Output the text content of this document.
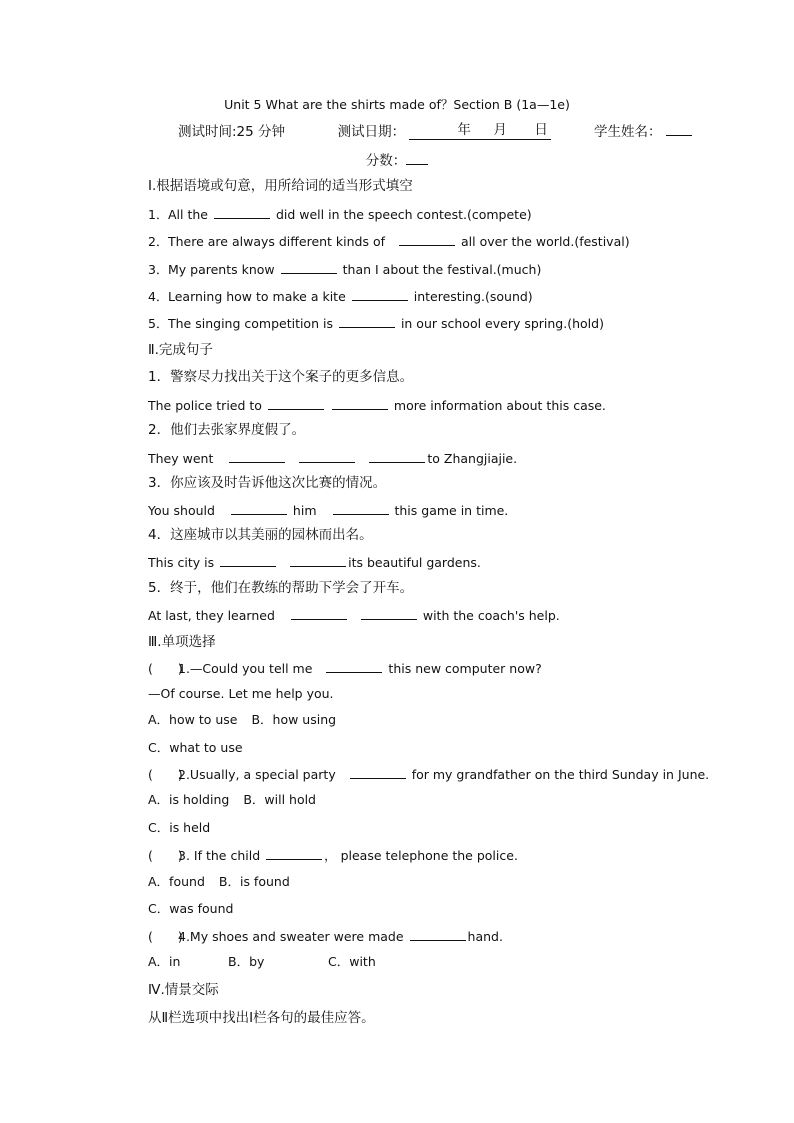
Unit 5 What are the shirts made of？Section B (1a—1e)

测试时间:25 分钟	测试日期：	年 月 日	学生姓名：

分数：

Ⅰ.根据语境或句意，用所给词的适当形式填空

1．All the	did well in the speech contest.(compete)

2．There are always different kinds of	all over the world.(festival)

3．My parents know	than I about the festival.(much)

4．Learning how to make a kite	interesting.(sound)

5．The singing competition is	in our school every spring.(hold)

Ⅱ.完成句子

1．警察尽力找出关于这个案子的更多信息。

The police tried to	more information about this case.

2．他们去张家界度假了。

They went	to Zhangjiajie.

3．你应该及时告诉他这次比赛的情况。

You should	him	this game in time.

4．这座城市以其美丽的园林而出名。

This city is	its beautiful gardens.

5．终于，他们在教练的帮助下学会了开车。

At last, they learned	with the coach's help.

Ⅲ.单项选择

(　　)1.—Could you tell me	this new computer now?

—Of course. Let me help you.

A．how to use B．how using

C．what to use

(　　)2.Usually, a special party	for my grandfather on the third Sunday in June.

A．is holding B．will hold

C．is held

(　　)3. If the child	， please telephone the police.

A．found B．is found

C．was found

(　　)4.My shoes and sweater were made	hand.

A．in	B．by	C．with

Ⅳ.情景交际

从Ⅱ栏选项中找出Ⅰ栏各句的最佳应答。
